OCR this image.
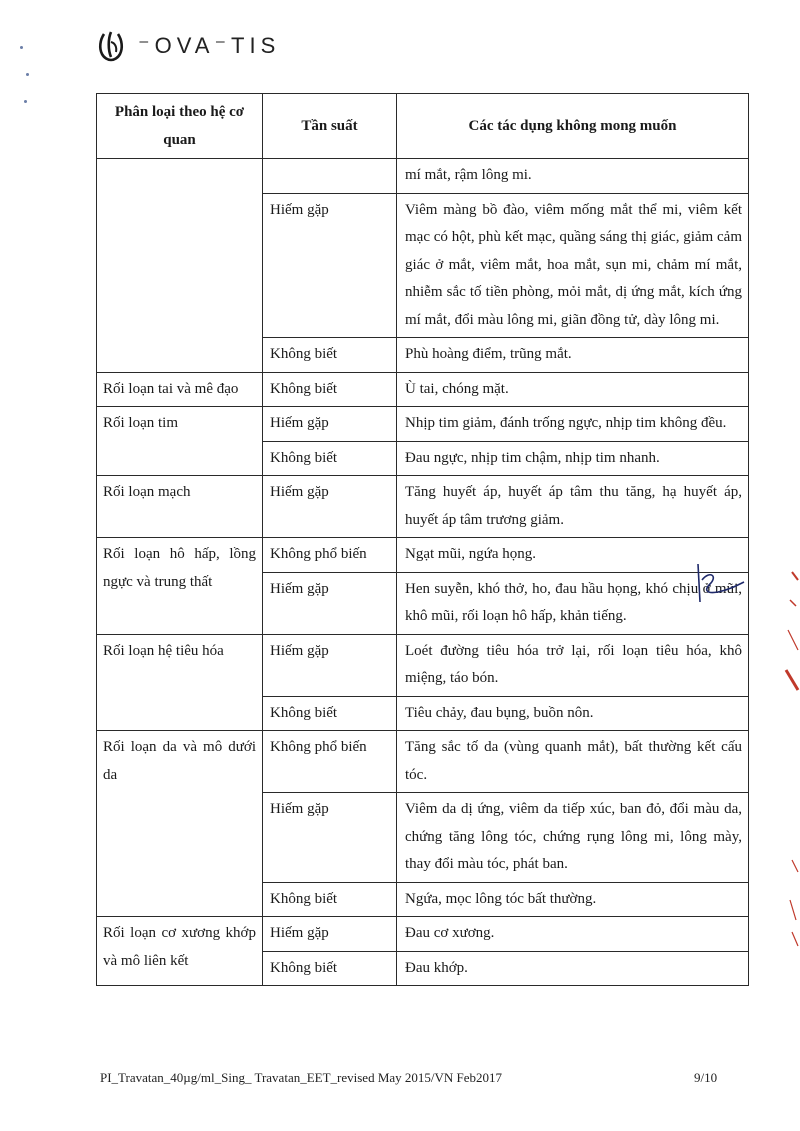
⁻OVA⁻TIS
Phân loại theo hệ cơ quan	Tần suất	Các tác dụng không mong muốn
		mí mắt, rậm lông mi.
	Hiếm gặp	Viêm màng bồ đào, viêm mống mắt thể mi, viêm kết mạc có hột, phù kết mạc, quầng sáng thị giác, giảm cảm giác ở mắt, viêm mắt, hoa mắt, sụn mi, chảm mí mắt, nhiễm sắc tố tiền phòng, mỏi mắt, dị ứng mắt, kích ứng mí mắt, đổi màu lông mi, giãn đồng tử, dày lông mi.
	Không biết	Phù hoàng điểm, trũng mắt.
Rối loạn tai và mê đạo	Không biết	Ù tai, chóng mặt.
Rối loạn tim	Hiếm gặp	Nhịp tim giảm, đánh trống ngực, nhịp tim không đều.
	Không biết	Đau ngực, nhịp tim chậm, nhịp tim nhanh.
Rối loạn mạch	Hiếm gặp	Tăng huyết áp, huyết áp tâm thu tăng, hạ huyết áp, huyết áp tâm trương giảm.
Rối loạn hô hấp, lồng ngực và trung thất	Không phổ biến	Ngạt mũi, ngứa họng.
	Hiếm gặp	Hen suyễn, khó thở, ho, đau hầu họng, khó chịu ở mũi, khô mũi, rối loạn hô hấp, khản tiếng.
Rối loạn hệ tiêu hóa	Hiếm gặp	Loét đường tiêu hóa trở lại, rối loạn tiêu hóa, khô miệng, táo bón.
	Không biết	Tiêu chảy, đau bụng, buồn nôn.
Rối loạn da và mô dưới da	Không phổ biến	Tăng sắc tố da (vùng quanh mắt), bất thường kết cấu tóc.
	Hiếm gặp	Viêm da dị ứng, viêm da tiếp xúc, ban đỏ, đổi màu da, chứng tăng lông tóc, chứng rụng lông mi, lông mày, thay đổi màu tóc, phát ban.
	Không biết	Ngứa, mọc lông tóc bất thường.
Rối loạn cơ xương khớp và mô liên kết	Hiếm gặp	Đau cơ xương.
	Không biết	Đau khớp.
PI_Travatan_40µg/ml_Sing_ Travatan_EET_revised May 2015/VN Feb2017	9/10
